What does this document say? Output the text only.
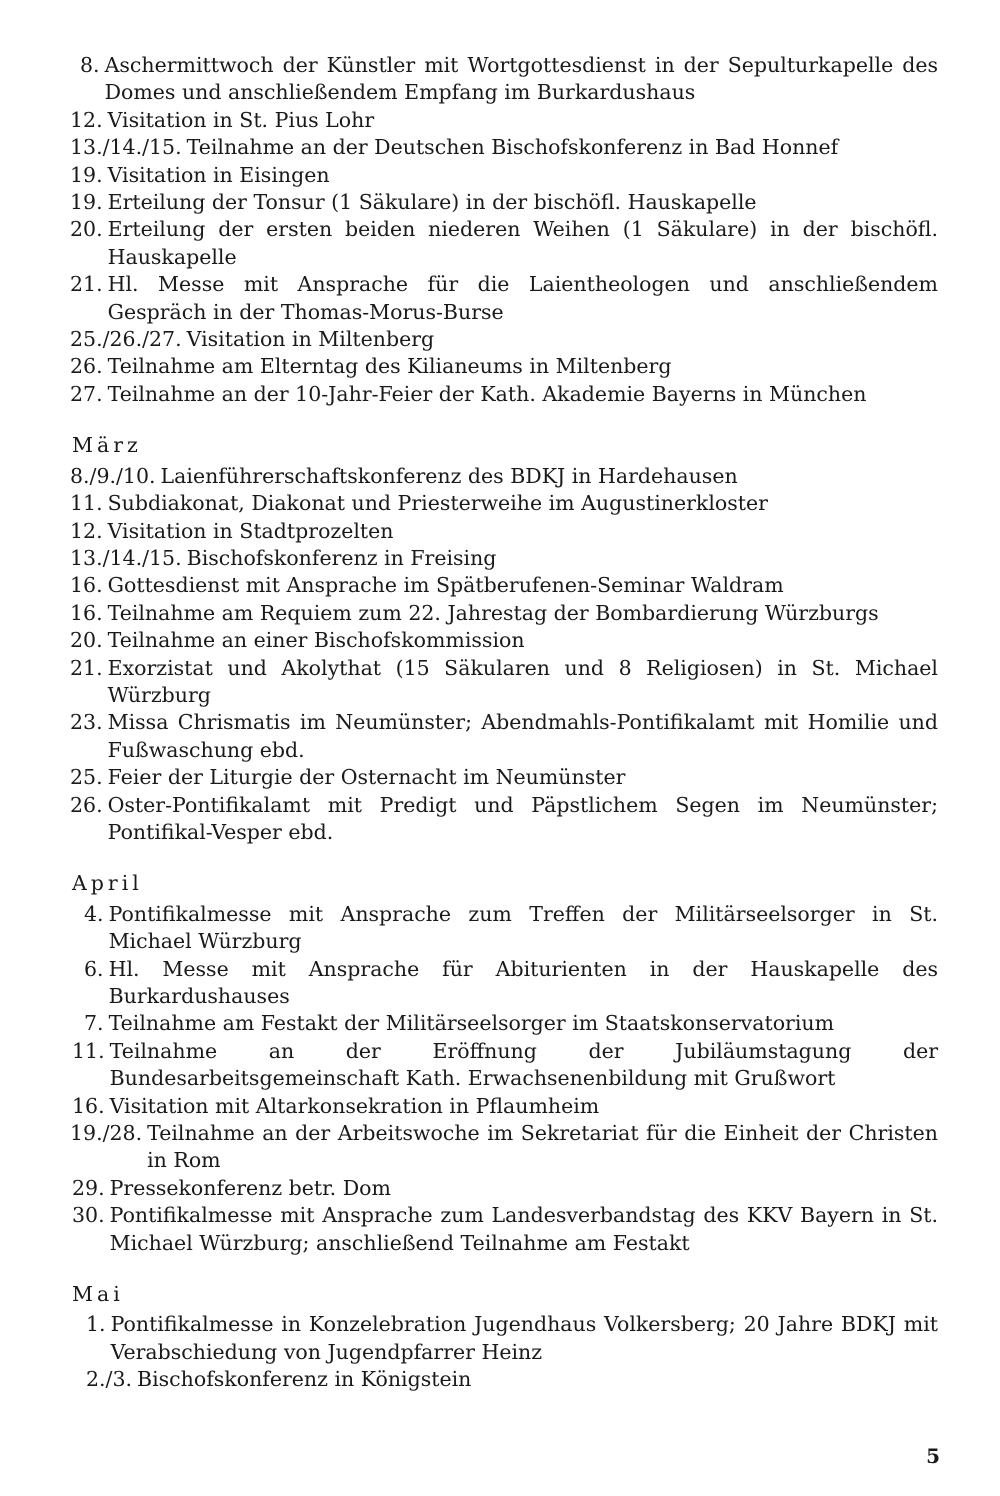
8. Aschermittwoch der Künstler mit Wortgottesdienst in der Sepulturkapelle des Domes und anschließendem Empfang im Burkardushaus
12. Visitation in St. Pius Lohr
13./14./15. Teilnahme an der Deutschen Bischofskonferenz in Bad Honnef
19. Visitation in Eisingen
19. Erteilung der Tonsur (1 Säkulare) in der bischöfl. Hauskapelle
20. Erteilung der ersten beiden niederen Weihen (1 Säkulare) in der bischöfl. Hauskapelle
21. Hl. Messe mit Ansprache für die Laientheologen und anschließendem Gespräch in der Thomas-Morus-Burse
25./26./27. Visitation in Miltenberg
26. Teilnahme am Elterntag des Kilianeums in Miltenberg
27. Teilnahme an der 10-Jahr-Feier der Kath. Akademie Bayerns in München
März
8./9./10. Laienführerschaftskonferenz des BDKJ in Hardehausen
11. Subdiakonat, Diakonat und Priesterweihe im Augustinerkloster
12. Visitation in Stadtprozelten
13./14./15. Bischofskonferenz in Freising
16. Gottesdienst mit Ansprache im Spätberufenen-Seminar Waldram
16. Teilnahme am Requiem zum 22. Jahrestag der Bombardierung Würzburgs
20. Teilnahme an einer Bischofskommission
21. Exorzistat und Akolythat (15 Säkularen und 8 Religiosen) in St. Michael Würzburg
23. Missa Chrismatis im Neumünster; Abendmahls-Pontifikalamt mit Homilie und Fußwaschung ebd.
25. Feier der Liturgie der Osternacht im Neumünster
26. Oster-Pontifikalamt mit Predigt und Päpstlichem Segen im Neumünster; Pontifikal-Vesper ebd.
April
4. Pontifikalmesse mit Ansprache zum Treffen der Militärseelsorger in St. Michael Würzburg
6. Hl. Messe mit Ansprache für Abiturienten in der Hauskapelle des Burkardushauses
7. Teilnahme am Festakt der Militärseelsorger im Staatskonservatorium
11. Teilnahme an der Eröffnung der Jubiläumstagung der Bundesarbeitsgemeinschaft Kath. Erwachsenenbildung mit Grußwort
16. Visitation mit Altarkonsekration in Pflaumheim
19./28. Teilnahme an der Arbeitswoche im Sekretariat für die Einheit der Christen in Rom
29. Pressekonferenz betr. Dom
30. Pontifikalmesse mit Ansprache zum Landesverbandstag des KKV Bayern in St. Michael Würzburg; anschließend Teilnahme am Festakt
Mai
1. Pontifikalmesse in Konzelebration Jugendhaus Volkersberg; 20 Jahre BDKJ mit Verabschiedung von Jugendpfarrer Heinz
2./3. Bischofskonferenz in Königstein
5
